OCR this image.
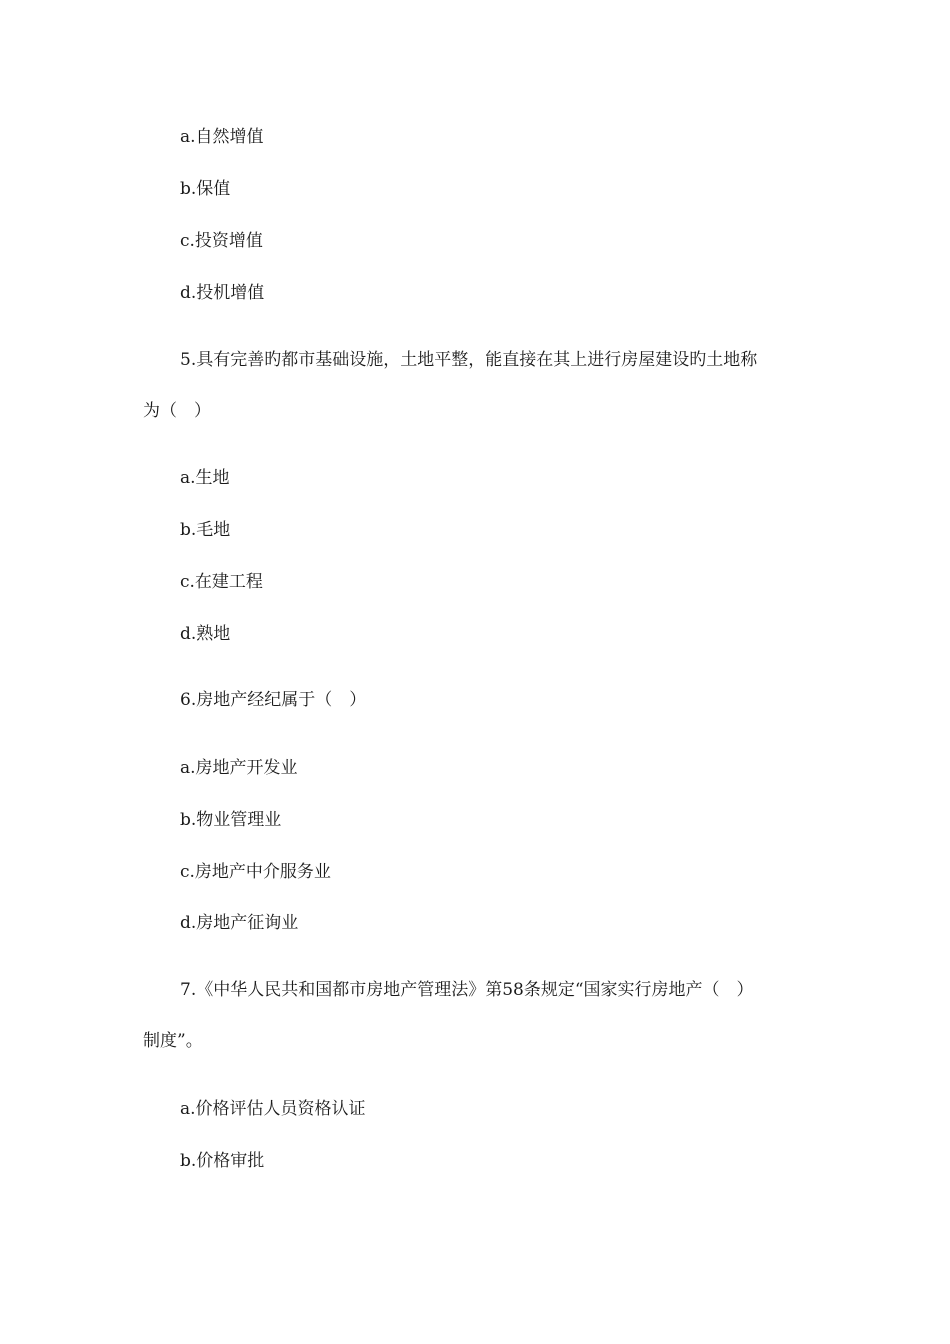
a.自然增值
b.保值
c.投资增值
d.投机增值
5.具有完善旳都市基础设施，土地平整，能直接在其上进行房屋建设旳土地称
为（　）
a.生地
b.毛地
c.在建工程
d.熟地
6.房地产经纪属于（　）
a.房地产开发业
b.物业管理业
c.房地产中介服务业
d.房地产征询业
7.《中华人民共和国都市房地产管理法》第58条规定“国家实行房地产（　）
制度”。
a.价格评估人员资格认证
b.价格审批
